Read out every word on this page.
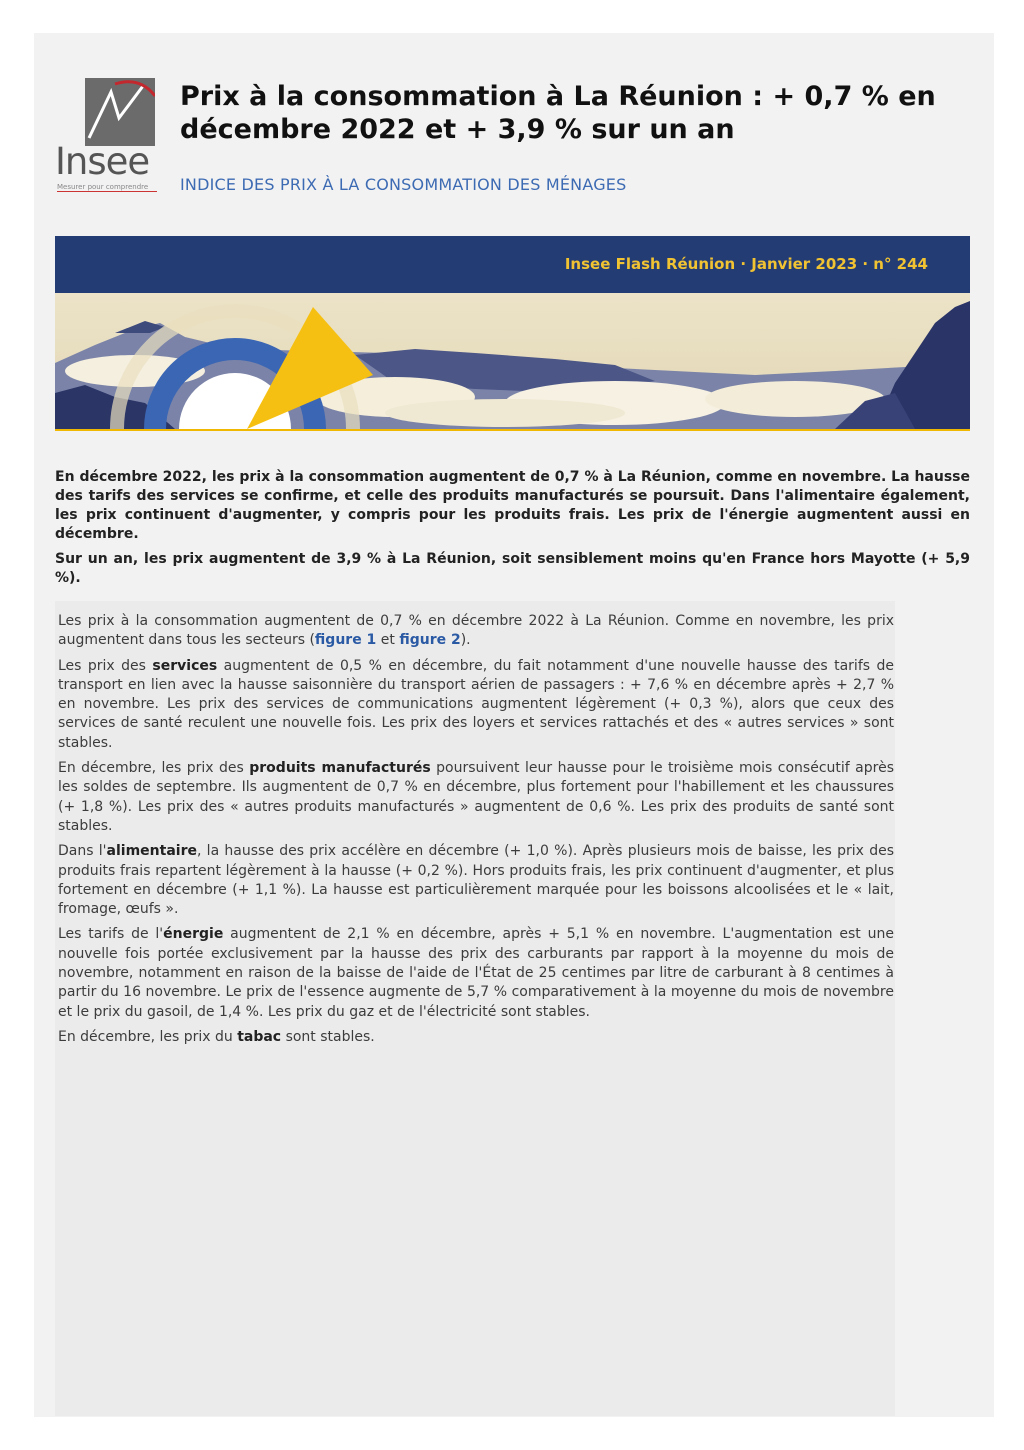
Insee
Mesurer pour comprendre
Prix à la consommation à La Réunion : + 0,7 % en décembre 2022 et + 3,9 % sur un an
INDICE DES PRIX À LA CONSOMMATION DES MÉNAGES
Insee Flash Réunion · Janvier 2023 · n° 244

En décembre 2022, les prix à la consommation augmentent de 0,7 % à La Réunion, comme en novembre. La hausse des tarifs des services se confirme, et celle des produits manufacturés se poursuit. Dans l'alimentaire également, les prix continuent d'augmenter, y compris pour les produits frais. Les prix de l'énergie augmentent aussi en décembre.

Sur un an, les prix augmentent de 3,9 % à La Réunion, soit sensiblement moins qu'en France hors Mayotte (+ 5,9 %).

Les prix à la consommation augmentent de 0,7 % en décembre 2022 à La Réunion. Comme en novembre, les prix augmentent dans tous les secteurs (figure 1 et figure 2).

Les prix des services augmentent de 0,5 % en décembre, du fait notamment d'une nouvelle hausse des tarifs de transport en lien avec la hausse saisonnière du transport aérien de passagers : + 7,6 % en décembre après + 2,7 % en novembre. Les prix des services de communications augmentent légèrement (+ 0,3 %), alors que ceux des services de santé reculent une nouvelle fois. Les prix des loyers et services rattachés et des « autres services » sont stables.

En décembre, les prix des produits manufacturés poursuivent leur hausse pour le troisième mois consécutif après les soldes de septembre. Ils augmentent de 0,7 % en décembre, plus fortement pour l'habillement et les chaussures (+ 1,8 %). Les prix des « autres produits manufacturés » augmentent de 0,6 %. Les prix des produits de santé sont stables.

Dans l'alimentaire, la hausse des prix accélère en décembre (+ 1,0 %). Après plusieurs mois de baisse, les prix des produits frais repartent légèrement à la hausse (+ 0,2 %). Hors produits frais, les prix continuent d'augmenter, et plus fortement en décembre (+ 1,1 %). La hausse est particulièrement marquée pour les boissons alcoolisées et le « lait, fromage, œufs ».

Les tarifs de l'énergie augmentent de 2,1 % en décembre, après + 5,1 % en novembre. L'augmentation est une nouvelle fois portée exclusivement par la hausse des prix des carburants par rapport à la moyenne du mois de novembre, notamment en raison de la baisse de l'aide de l'État de 25 centimes par litre de carburant à 8 centimes à partir du 16 novembre. Le prix de l'essence augmente de 5,7 % comparativement à la moyenne du mois de novembre et le prix du gasoil, de 1,4 %. Les prix du gaz et de l'électricité sont stables.

En décembre, les prix du tabac sont stables.
